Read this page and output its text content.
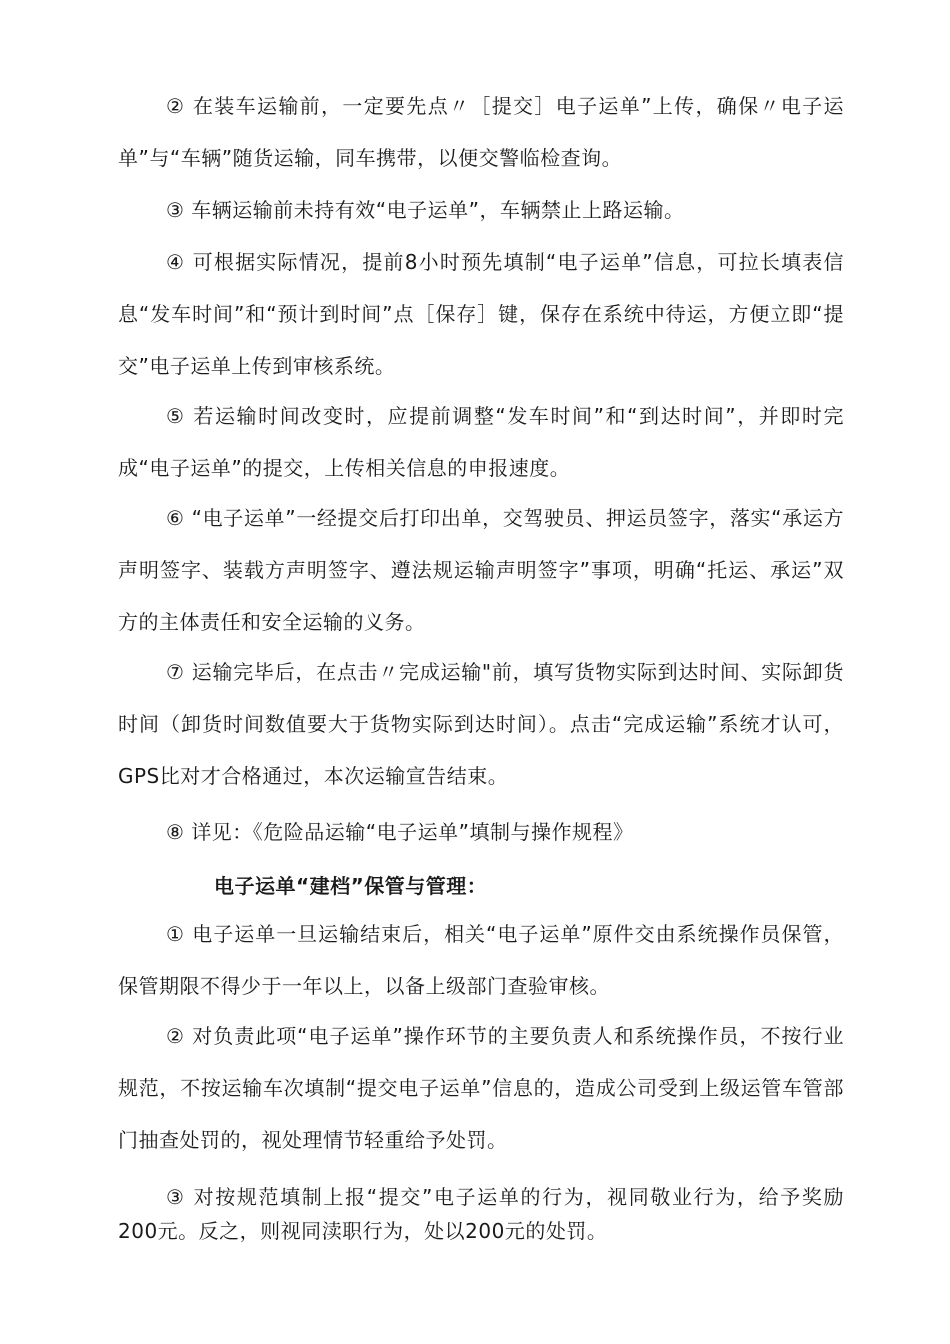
② 在装车运输前，一定要先点〃［提交］电子运单”上传，确保〃电子运单”与“车辆”随货运输，同车携带，以便交警临检查询。

③ 车辆运输前未持有效“电子运单”，车辆禁止上路运输。

④ 可根据实际情况，提前8小时预先填制“电子运单”信息，可拉长填表信息“发车时间”和“预计到时间”点［保存］键，保存在系统中待运，方便立即“提交”电子运单上传到审核系统。

⑤ 若运输时间改变时，应提前调整“发车时间”和“到达时间”，并即时完成“电子运单”的提交，上传相关信息的申报速度。

⑥ “电子运单”一经提交后打印出单，交驾驶员、押运员签字，落实“承运方声明签字、装载方声明签字、遵法规运输声明签字”事项，明确“托运、承运”双方的主体责任和安全运输的义务。

⑦ 运输完毕后，在点击〃完成运输"前，填写货物实际到达时间、实际卸货时间（卸货时间数值要大于货物实际到达时间）。点击“完成运输”系统才认可，GPS比对才合格通过，本次运输宣告结束。

⑧ 详见：《危险品运输“电子运单”填制与操作规程》

电子运单“建档”保管与管理：

① 电子运单一旦运输结束后，相关“电子运单”原件交由系统操作员保管，保管期限不得少于一年以上，以备上级部门查验审核。

② 对负责此项“电子运单”操作环节的主要负责人和系统操作员，不按行业规范，不按运输车次填制“提交电子运单”信息的，造成公司受到上级运管车管部门抽查处罚的，视处理情节轻重给予处罚。

③ 对按规范填制上报“提交”电子运单的行为，视同敬业行为，给予奖励200元。反之，则视同渎职行为，处以200元的处罚。
